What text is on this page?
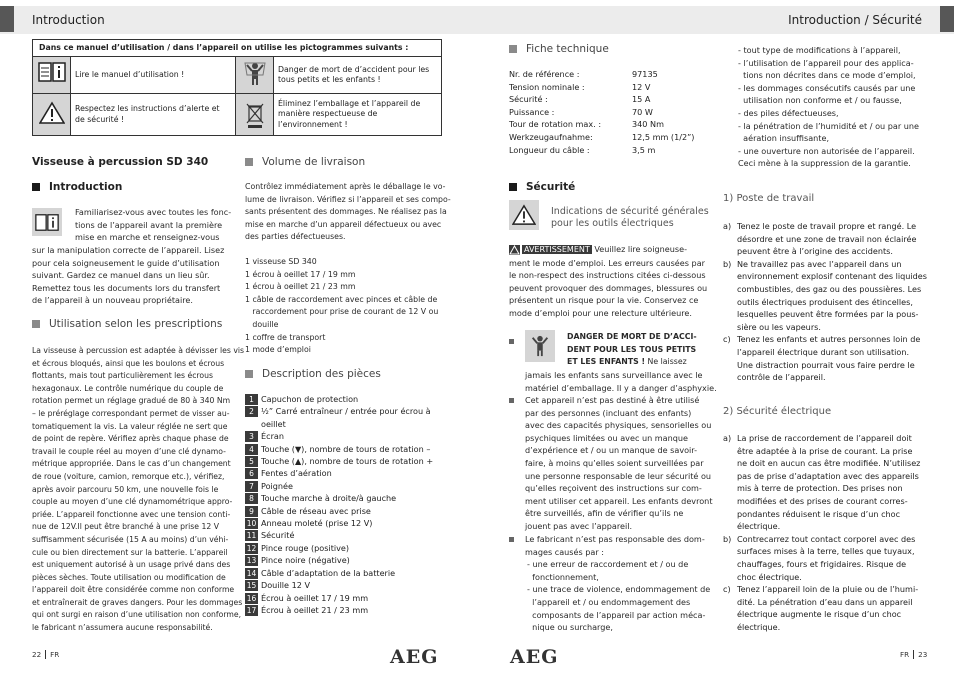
Introduction	Introduction / Sécurité
Dans ce manuel d’utilisation / dans l’appareil on utilise les pictogrammes suivants :			

	Lire le manuel d’utilisation !		Danger de mort de d’accident pour les tous petits et les enfants !

	Respectez les instructions d’alerte et de sécurité !		Éliminez l’emballage et l’appareil de manière respectueuse de l’environnement !
Visseuse à percussion SD 340
Introduction
Familiarisez-vous avec toutes les fonc-
tions de l’appareil avant la première
mise en marche et renseignez-vous
sur la manipulation correcte de l’appareil. Lisez
pour cela soigneusement le guide d’utilisation
suivant. Gardez ce manuel dans un lieu sûr.
Remettez tous les documents lors du transfert
de l’appareil à un nouveau propriétaire.
Utilisation selon les prescriptions
La visseuse à percussion est adaptée à dévisser les vis
et écrous bloqués, ainsi que les boulons et écrous
flottants, mais tout particulièrement les écrous
hexagonaux. Le contrôle numérique du couple de
rotation permet un réglage gradué de 80 à 340 Nm
– le préréglage correspondant permet de visser au-
tomatiquement la vis. La valeur réglée ne sert que
de point de repère. Vérifiez après chaque phase de
travail le couple réel au moyen d’une clé dynamo-
métrique appropriée. Dans le cas d’un changement
de roue (voiture, camion, remorque etc.), vérifiez,
après avoir parcouru 50 km, une nouvelle fois le
couple au moyen d’une clé dynamométrique appro-
priée. L’appareil fonctionne avec une tension conti-
nue de 12V.Il peut être branché à une prise 12 V
suffisamment sécurisée (15 A au moins) d’un véhi-
cule ou bien directement sur la batterie. L’appareil
est uniquement autorisé à un usage privé dans des
pièces sèches. Toute utilisation ou modification de
l’appareil doit être considérée comme non conforme
et entraînerait de graves dangers. Pour les dommages
qui ont surgi en raison d’une utilisation non conforme,
le fabricant n’assumera aucune responsabilité.
Volume de livraison
Contrôlez immédiatement après le déballage le vo-
lume de livraison. Vérifiez si l’appareil et ses compo-
sants présentent des dommages. Ne réalisez pas la
mise en marche d’un appareil défectueux ou avec
des parties défectueuses.
1 visseuse SD 340
1 écrou à oeillet 17 / 19 mm
1 écrou à oeillet 21 / 23 mm
1 câble de raccordement avec pinces et câble de
raccordement pour prise de courant de 12 V ou
douille
1 coffre de transport
1 mode d’emploi
Description des pièces
1 Capuchon de protection
2 ½” Carré entraîneur / entrée pour écrou à oeillet
3 Écran
4 Touche (▼), nombre de tours de rotation –
5 Touche (▲), nombre de tours de rotation +
6 Fentes d’aération
7 Poignée
8 Touche marche à droite/à gauche
9 Câble de réseau avec prise
10 Anneau moleté (prise 12 V)
11 Sécurité
12 Pince rouge (positive)
13 Pince noire (négative)
14 Câble d’adaptation de la batterie
15 Douille 12 V
16 Écrou à oeillet 17 / 19 mm
17 Écrou à oeillet 21 / 23 mm
Fiche technique
Nr. de référence :	97135
Tension nominale :	12 V
Sécurité :	15 A
Puissance :	70 W
Tour de rotation max. :	340 Nm
Werkzeugaufnahme:	12,5 mm (1/2”)
Longueur du câble :	3,5 m
Sécurité
Indications de sécurité générales
pour les outils électriques
AVERTISSEMENT Veuillez lire soigneuse-
ment le mode d’emploi. Les erreurs causées par
le non-respect des instructions citées ci-dessous
peuvent provoquer des dommages, blessures ou
présentent un risque pour la vie. Conservez ce
mode d’emploi pour une relecture ultérieure.
DANGER DE MORT DE D’ACCI-
DENT POUR LES TOUS PETITS
ET LES ENFANTS ! Ne laissez
jamais les enfants sans surveillance avec le
matériel d’emballage. Il y a danger d’asphyxie.
Cet appareil n’est pas destiné à être utilisé
par des personnes (incluant des enfants)
avec des capacités physiques, sensorielles ou
psychiques limitées ou avec un manque
d’expérience et / ou un manque de savoir-
faire, à moins qu’elles soient surveillées par
une personne responsable de leur sécurité ou
qu’elles reçoivent des instructions sur com-
ment utiliser cet appareil. Les enfants devront
être surveillés, afin de vérifier qu’ils ne
jouent pas avec l’appareil.
Le fabricant n’est pas responsable des dom-
mages causés par :
- une erreur de raccordement et / ou de
fonctionnement,
- une trace de violence, endommagement de
l’appareil et / ou endommagement des
composants de l’appareil par action méca-
nique ou surcharge,
- tout type de modifications à l’appareil,
- l’utilisation de l’appareil pour des applica-
tions non décrites dans ce mode d’emploi,
- les dommages consécutifs causés par une
utilisation non conforme et / ou fausse,
- des piles défectueuses,
- la pénétration de l’humidité et / ou par une
aération insuffisante,
- une ouverture non autorisée de l’appareil.
Ceci mène à la suppression de la garantie.
1) Poste de travail
a) Tenez le poste de travail propre et rangé. Le
désordre et une zone de travail non éclairée
peuvent être à l’origine des accidents.
b) Ne travaillez pas avec l’appareil dans un
environnement explosif contenant des liquides
combustibles, des gaz ou des poussières. Les
outils électriques produisent des étincelles,
lesquelles peuvent être formées par la pous-
sière ou les vapeurs.
c) Tenez les enfants et autres personnes loin de
l’appareil électrique durant son utilisation.
Une distraction pourrait vous faire perdre le
contrôle de l’appareil.
2) Sécurité électrique
a) La prise de raccordement de l’appareil doit
être adaptée à la prise de courant. La prise
ne doit en aucun cas être modifiée. N’utilisez
pas de prise d’adaptation avec des appareils
mis à terre de protection. Des prises non
modifiées et des prises de courant corres-
pondantes réduisent le risque d’un choc
électrique.
b) Contrecarrez tout contact corporel avec des
surfaces mises à la terre, telles que tuyaux,
chauffages, fours et frigidaires. Risque de
choc électrique.
c) Tenez l’appareil loin de la pluie ou de l’humi-
dité. La pénétration d’eau dans un appareil
électrique augmente le risque d’un choc
électrique.
22 FR	AEG	AEG	FR 23
